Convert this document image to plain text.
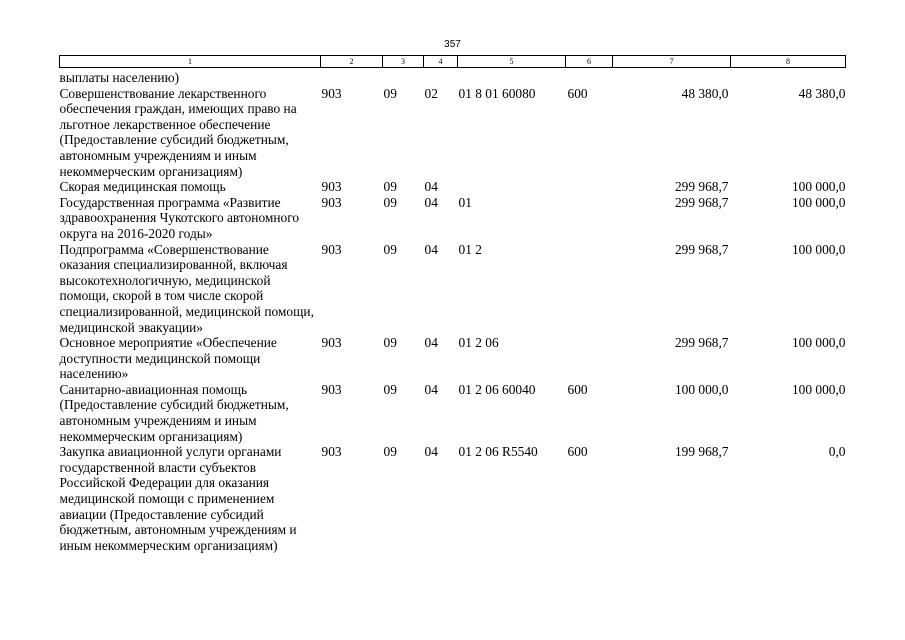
357
1	2	3	4	5	6	7	8
выплаты населению)							
Совершенствование лекарственного обеспечения граждан, имеющих право на льготное лекарственное обеспечение (Предоставление субсидий бюджетным, автономным учреждениям и иным некоммерческим организациям)	903	09	02	01 8 01 60080	600	48 380,0	48 380,0
Скорая медицинская помощь	903	09	04			299 968,7	100 000,0
Государственная программа «Развитие здравоохранения Чукотского автономного округа на 2016-2020 годы»	903	09	04	01		299 968,7	100 000,0
Подпрограмма «Совершенствование оказания специализированной, включая высокотехнологичную, медицинской помощи, скорой в том числе скорой специализированной, медицинской помощи, медицинской эвакуации»	903	09	04	01 2		299 968,7	100 000,0
Основное мероприятие «Обеспечение доступности медицинской помощи населению»	903	09	04	01 2 06		299 968,7	100 000,0
Санитарно-авиационная помощь (Предоставление субсидий бюджетным, автономным учреждениям и иным некоммерческим организациям)	903	09	04	01 2 06 60040	600	100 000,0	100 000,0
Закупка авиационной услуги органами государственной власти субъектов Российской Федерации для оказания медицинской помощи с применением авиации (Предоставление субсидий бюджетным, автономным учреждениям и иным некоммерческим организациям)	903	09	04	01 2 06 R5540	600	199 968,7	0,0
